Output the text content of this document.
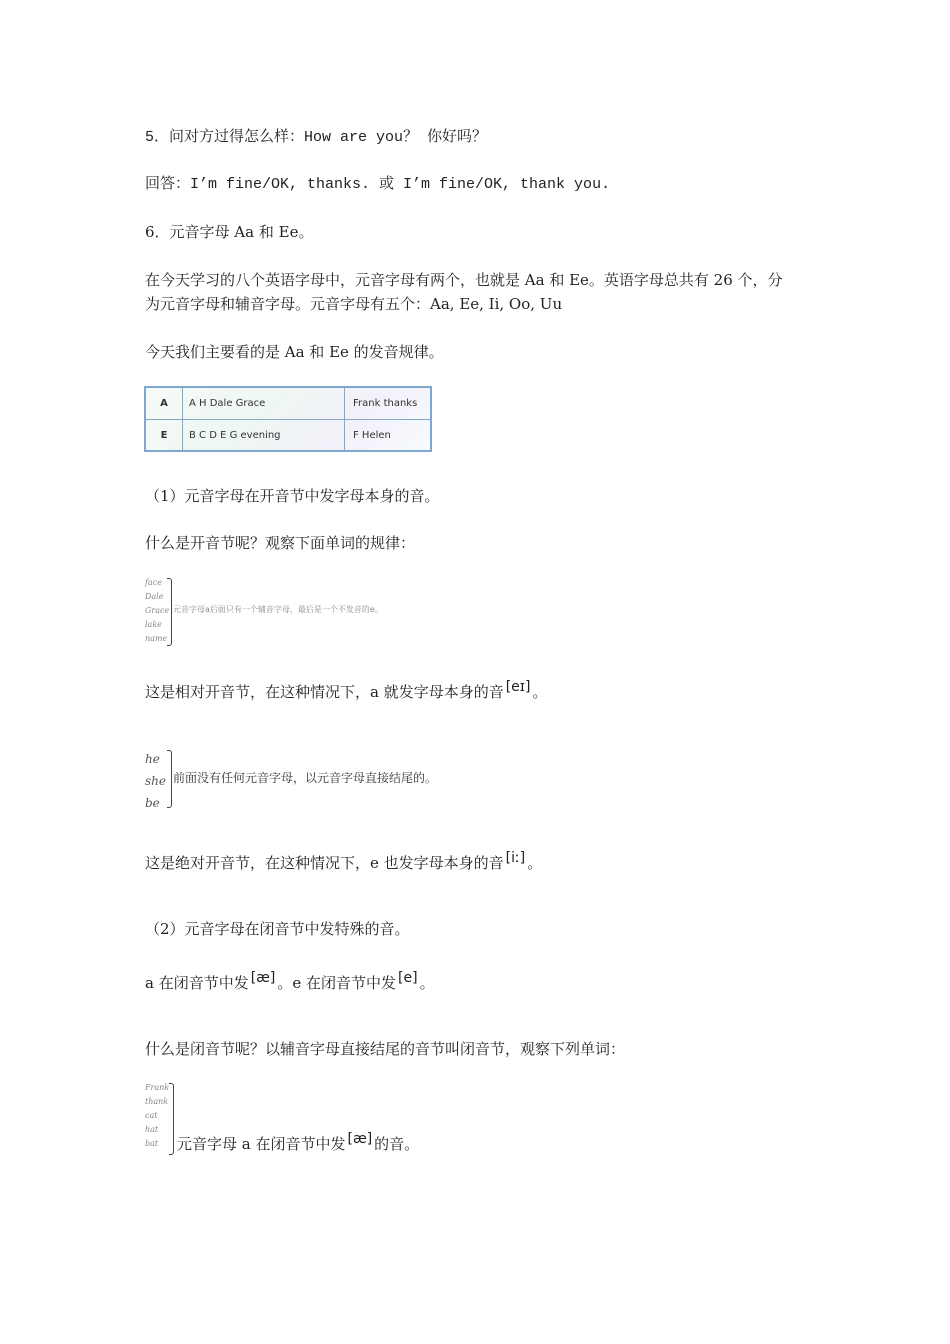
5．问对方过得怎么样：How are you？ 你好吗？
回答：I’m fine/OK, thanks. 或 I’m fine/OK, thank you.
6．元音字母 Aa 和 Ee。
在今天学习的八个英语字母中，元音字母有两个，也就是 Aa 和 Ee。英语字母总共有 26 个，分
为元音字母和辅音字母。元音字母有五个：Aa, Ee, Ii, Oo, Uu
今天我们主要看的是 Aa 和 Ee 的发音规律。
A	A H Dale Grace	Frank thanks
E	B C D E G evening	F Helen
（1）元音字母在开音节中发字母本身的音。
什么是开音节呢？观察下面单词的规律：
face
Dale
Grace
lake
name
元音字母a后面只有一个辅音字母，最后是一个不发音的e。
这是相对开音节，在这种情况下，a 就发字母本身的音 [eɪ] 。
he
she
be
前面没有任何元音字母，以元音字母直接结尾的。
这是绝对开音节，在这种情况下，e 也发字母本身的音 [iː] 。
（2）元音字母在闭音节中发特殊的音。
a 在闭音节中发 [æ] 。e 在闭音节中发 [e] 。
什么是闭音节呢？以辅音字母直接结尾的音节叫闭音节，观察下列单词：
Frank
thank
cat
hat
bat	元音字母 a 在闭音节中发 [æ] 的音。
